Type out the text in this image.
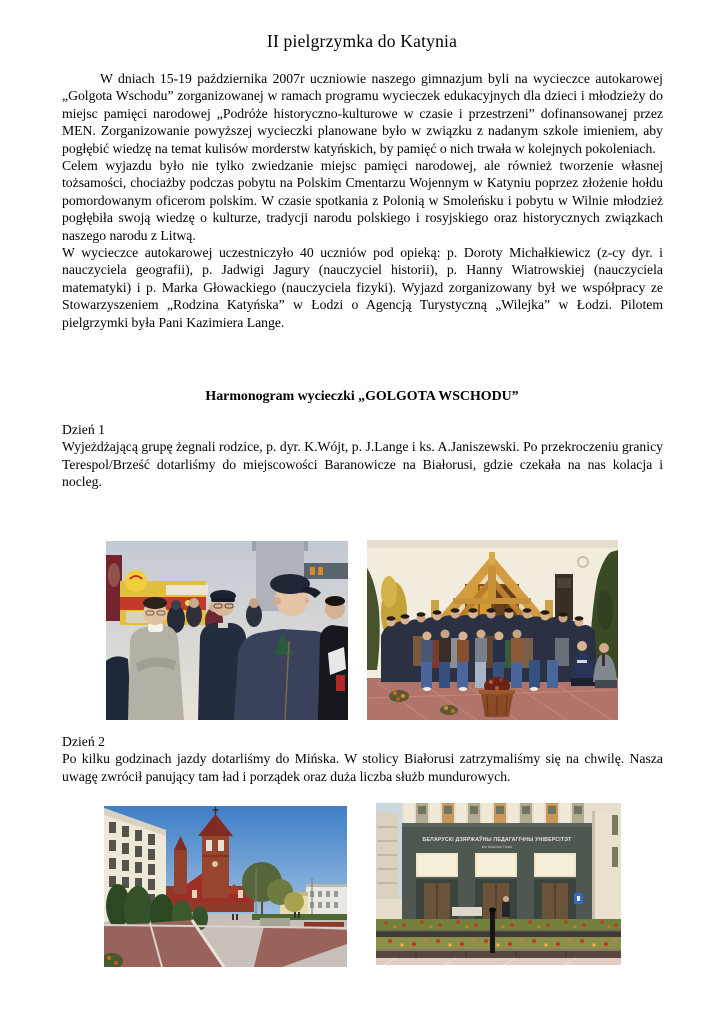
II pielgrzymka do Katynia

W dniach 15-19 października 2007r uczniowie naszego gimnazjum byli na wycieczce autokarowej „Golgota Wschodu” zorganizowanej w ramach programu wycieczek edukacyjnych dla dzieci i młodzieży do miejsc pamięci narodowej „Podróże historyczno-kulturowe w czasie i przestrzeni” dofinansowanej przez MEN. Zorganizowanie powyższej wycieczki planowane było w związku z nadanym szkole imieniem, aby pogłębić wiedzę na temat kulisów morderstw katyńskich, by pamięć o nich trwała w kolejnych pokoleniach.

Celem wyjazdu było nie tylko zwiedzanie miejsc pamięci narodowej, ale również tworzenie własnej tożsamości, chociażby podczas pobytu na Polskim Cmentarzu Wojennym w Katyniu poprzez złożenie hołdu pomordowanym oficerom polskim. W czasie spotkania z Polonią w Smoleńsku i pobytu w Wilnie młodzież pogłębiła swoją wiedzę o kulturze, tradycji narodu polskiego i rosyjskiego oraz historycznych związkach naszego narodu z Litwą.

W wycieczce autokarowej uczestniczyło 40 uczniów pod opieką: p. Doroty Michałkiewicz (z-cy dyr. i nauczyciela geografii), p. Jadwigi Jagury (nauczyciel historii), p. Hanny Wiatrowskiej (nauczyciela matematyki) i p. Marka Głowackiego (nauczyciela fizyki). Wyjazd zorganizowany był we współpracy ze Stowarzyszeniem „Rodzina Katyńska” w Łodzi o Agencją Turystyczną „Wilejka” w Łodzi. Pilotem pielgrzymki była Pani Kazimiera Lange.

Harmonogram wycieczki „GOLGOTA WSCHODU”
Dzień 1

Wyjeżdżającą grupę żegnali rodzice, p. dyr. K.Wójt, p. J.Lange i ks. A.Janiszewski. Po przekroczeniu granicy Terespol/Brześć dotarliśmy do miejscowości Baranowicze na Białorusi, gdzie czekała na nas kolacja i nocleg.

Dzień 2

Po kilku godzinach jazdy dotarliśmy do Mińska. W stolicy Białorusi zatrzymaliśmy się na chwilę. Nasza uwagę zwrócił panujący tam ład i porządek oraz duża liczba służb mundurowych.

БЕЛАРУСКІ ДЗЯРЖАЎНЫ ПЕДАГАГІЧНЫ УНІВЕРСІТЭТ
імя Максіма Танка
